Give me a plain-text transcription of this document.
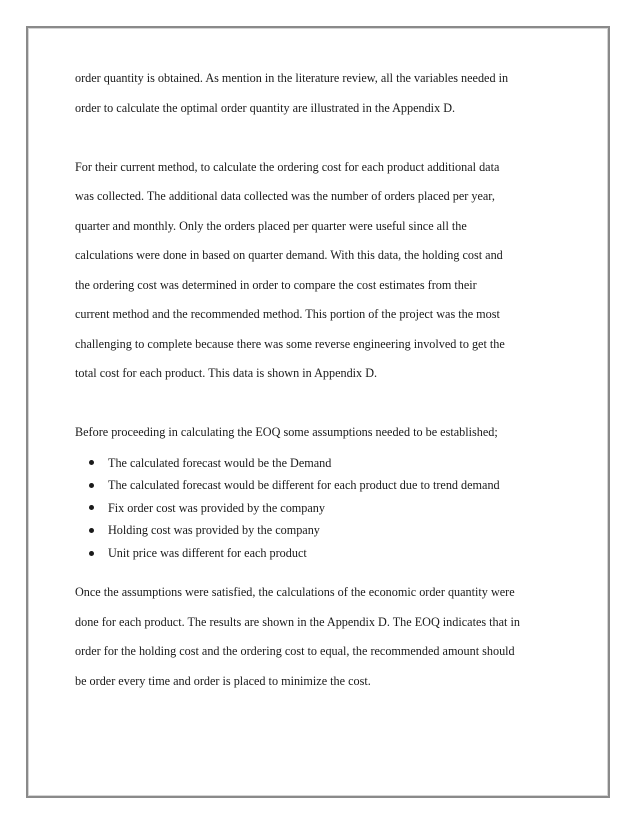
order quantity is obtained. As mention in the literature review, all the variables needed in
order to calculate the optimal order quantity are illustrated in the Appendix D.

For their current method, to calculate the ordering cost for each product additional data
was collected. The additional data collected was the number of orders placed per year,
quarter and monthly. Only the orders placed per quarter were useful since all the
calculations were done in based on quarter demand. With this data, the holding cost and
the ordering cost was determined in order to compare the cost estimates from their
current method and the recommended method. This portion of the project was the most
challenging to complete because there was some reverse engineering involved to get the
total cost for each product. This data is shown in Appendix D.

Before proceeding in calculating the EOQ some assumptions needed to be established;

The calculated forecast would be the Demand
The calculated forecast would be different for each product due to trend demand
Fix order cost was provided by the company
Holding cost was provided by the company
Unit price was different for each product

Once the assumptions were satisfied, the calculations of the economic order quantity were
done for each product. The results are shown in the Appendix D. The EOQ indicates that in
order for the holding cost and the ordering cost to equal, the recommended amount should
be order every time and order is placed to minimize the cost.
